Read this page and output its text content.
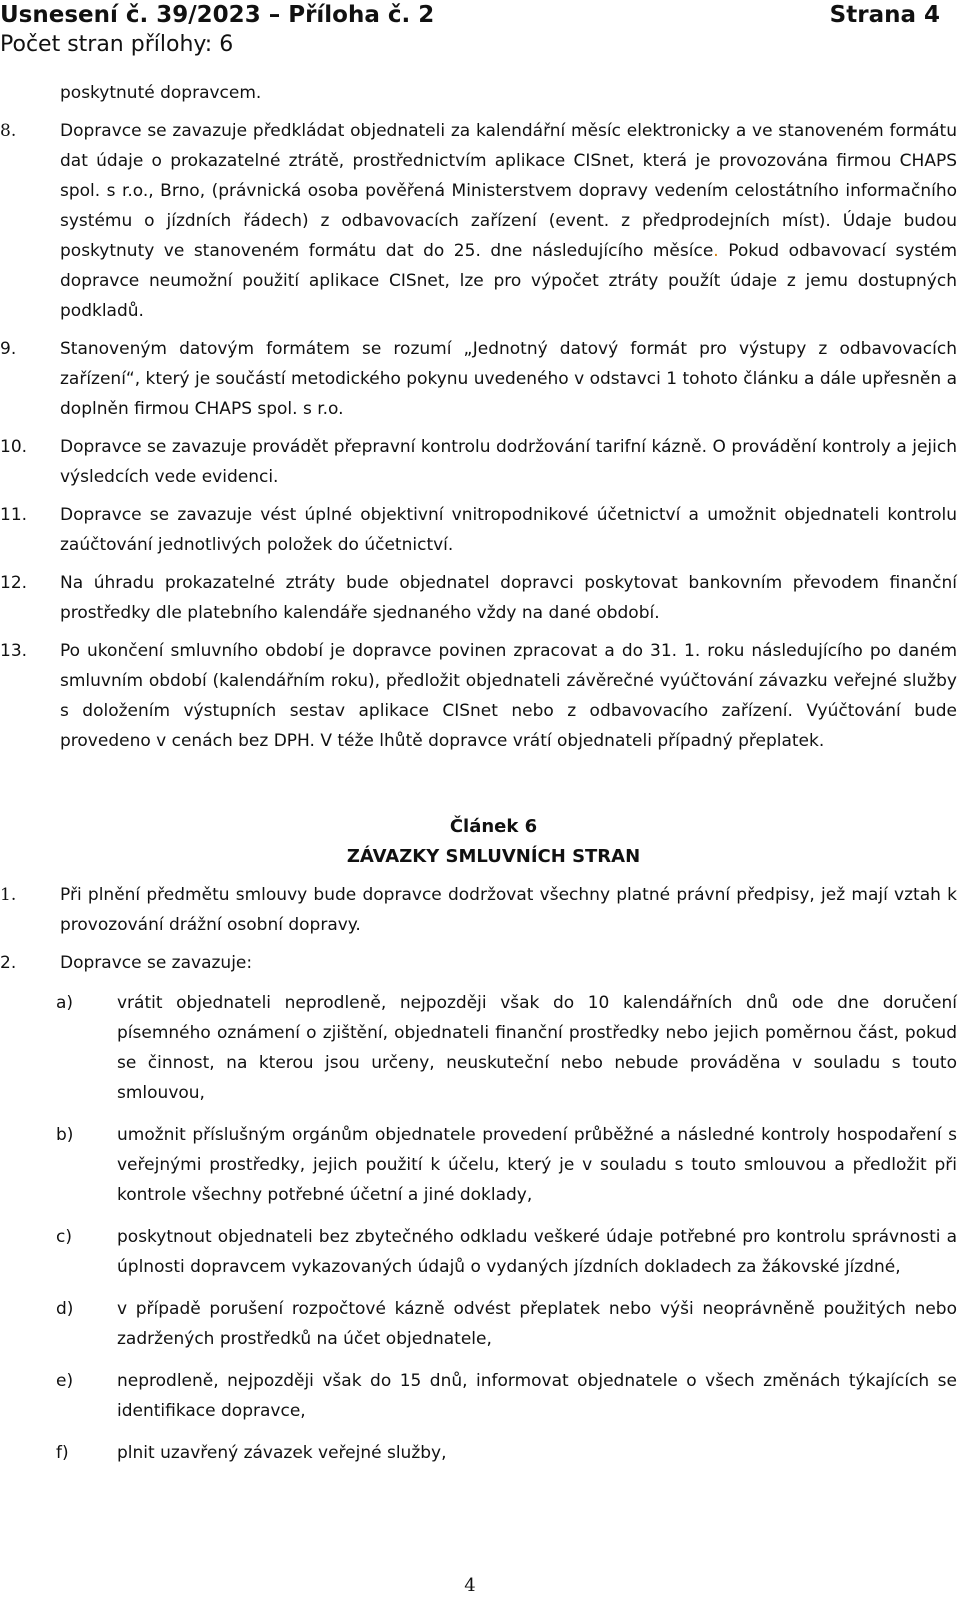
Usnesení č. 39/2023 – Příloha č. 2	Strana 4
Počet stran přílohy: 6

poskytnuté dopravcem.

8.	Dopravce se zavazuje předkládat objednateli za kalendářní měsíc elektronicky a ve stanoveném formátu dat údaje o prokazatelné ztrátě, prostřednictvím aplikace CISnet, která je provozována firmou CHAPS spol. s r.o., Brno, (právnická osoba pověřená Ministerstvem dopravy vedením celostátního informačního systému o jízdních řádech) z odbavovacích zařízení (event. z předprodejních míst). Údaje budou poskytnuty ve stanoveném formátu dat do 25. dne následujícího měsíce. Pokud odbavovací systém dopravce neumožní použití aplikace CISnet, lze pro výpočet ztráty použít údaje z jemu dostupných podkladů.

9.	Stanoveným datovým formátem se rozumí „Jednotný datový formát pro výstupy z odbavovacích zařízení“, který je součástí metodického pokynu uvedeného v odstavci 1 tohoto článku a dále upřesněn a doplněn firmou CHAPS spol. s r.o.

10. Dopravce se zavazuje provádět přepravní kontrolu dodržování tarifní kázně. O provádění kontroly a jejich výsledcích vede evidenci.

11. Dopravce se zavazuje vést úplné objektivní vnitropodnikové účetnictví a umožnit objednateli kontrolu zaúčtování jednotlivých položek do účetnictví.

12. Na úhradu prokazatelné ztráty bude objednatel dopravci poskytovat bankovním převodem finanční prostředky dle platebního kalendáře sjednaného vždy na dané období.

13. Po ukončení smluvního období je dopravce povinen zpracovat a do 31. 1. roku následujícího po daném smluvním období (kalendářním roku), předložit objednateli závěrečné vyúčtování závazku veřejné služby s doložením výstupních sestav aplikace CISnet nebo z odbavovacího zařízení. Vyúčtování bude provedeno v cenách bez DPH. V téže lhůtě dopravce vrátí objednateli případný přeplatek.

Článek 6
ZÁVAZKY SMLUVNÍCH STRAN
1.	Při plnění předmětu smlouvy bude dopravce dodržovat všechny platné právní předpisy, jež mají vztah k provozování drážní osobní dopravy.

2.	Dopravce se zavazuje:

a)	vrátit objednateli neprodleně, nejpozději však do 10 kalendářních dnů ode dne doručení písemného oznámení o zjištění, objednateli finanční prostředky nebo jejich poměrnou část, pokud se činnost, na kterou jsou určeny, neuskuteční nebo nebude prováděna v souladu s touto smlouvou,
b)	umožnit příslušným orgánům objednatele provedení průběžné a následné kontroly hospodaření s veřejnými prostředky, jejich použití k účelu, který je v souladu s touto smlouvou a předložit při kontrole všechny potřebné účetní a jiné doklady,
c)	poskytnout objednateli bez zbytečného odkladu veškeré údaje potřebné pro kontrolu správnosti a úplnosti dopravcem vykazovaných údajů o vydaných jízdních dokladech za žákovské jízdné,
d)	v případě porušení rozpočtové kázně odvést přeplatek nebo výši neoprávněně použitých nebo zadržených prostředků na účet objednatele,
e)	neprodleně, nejpozději však do 15 dnů, informovat objednatele o všech změnách týkajících se identifikace dopravce,
f)	plnit uzavřený závazek veřejné služby,
4
